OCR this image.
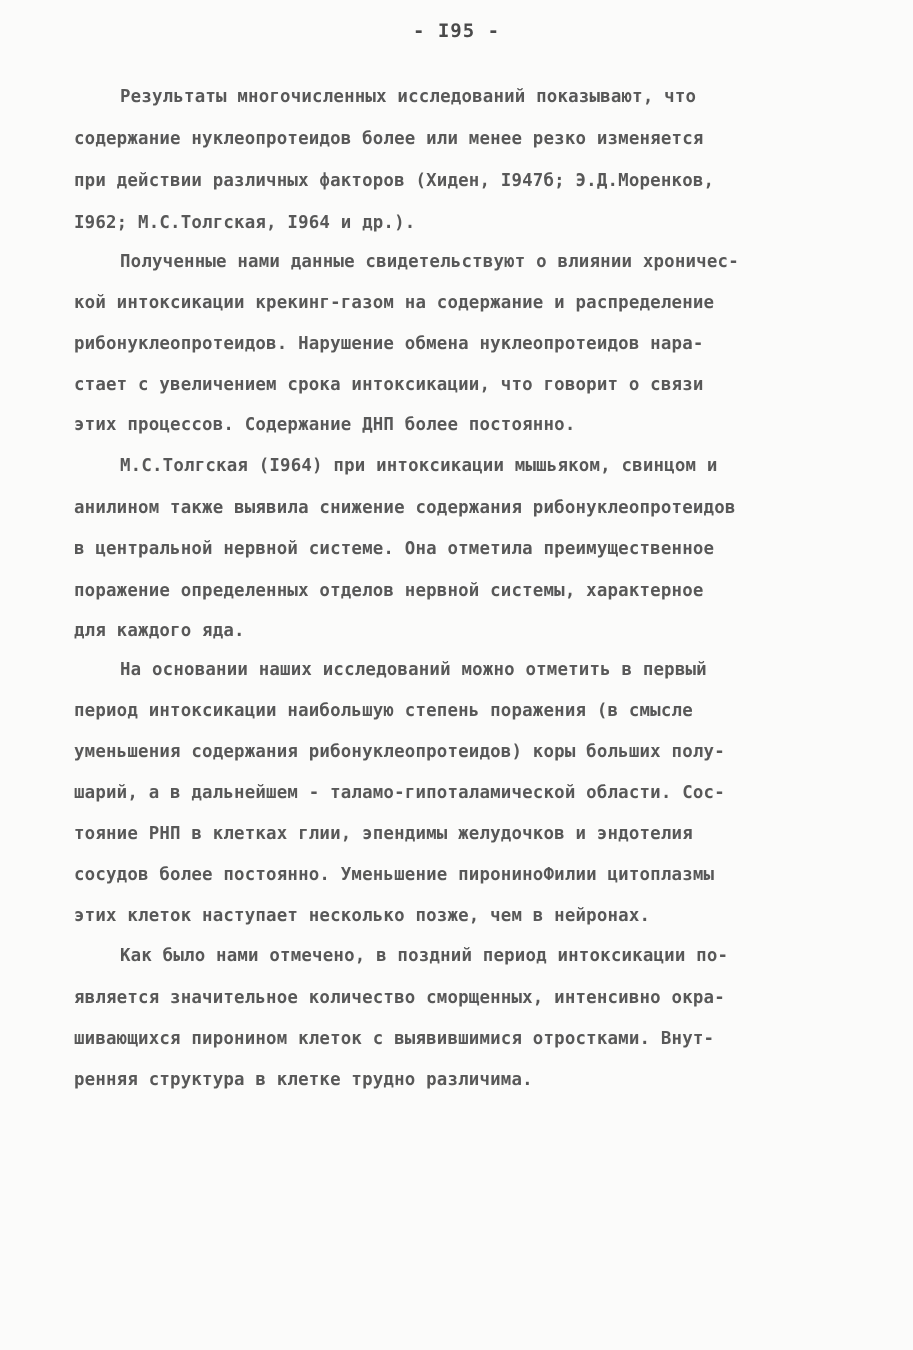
- I95 -
Результаты многочисленных исследований показывают, что
содержание нуклеопротеидов более или менее резко изменяется
при действии различных факторов (Хиден, I947б; Э.Д.Моренков,
I962; М.С.Толгская, I964 и др.).
Полученные нами данные свидетельствуют о влиянии хроничес-
кой интоксикации крекинг-газом на содержание и распределение
рибонуклеопротеидов. Нарушение обмена нуклеопротеидов нара-
стает с увеличением срока интоксикации, что говорит о связи
этих процессов. Содержание ДНП более постоянно.
М.С.Толгская (I964) при интоксикации мышьяком, свинцом и
анилином также выявила снижение содержания рибонуклеопротеидов
в центральной нервной системе. Она отметила преимущественное
поражение определенных отделов нервной системы, характерное
для каждого яда.
На основании наших исследований можно отметить в первый
период интоксикации наибольшую степень поражения (в смысле
уменьшения содержания рибонуклеопротеидов) коры больших полу-
шарий, а в дальнейшем - таламо-гипоталамической области. Сос-
тояние РНП в клетках глии, эпендимы желудочков и эндотелия
сосудов более постоянно. Уменьшение пирониноФилии цитоплазмы
этих клеток наступает несколько позже, чем в нейронах.
Как было нами отмечено, в поздний период интоксикации по-
является значительное количество сморщенных, интенсивно окра-
шивающихся пиронином клеток с выявившимися отростками. Внут-
ренняя структура в клетке трудно различима.
